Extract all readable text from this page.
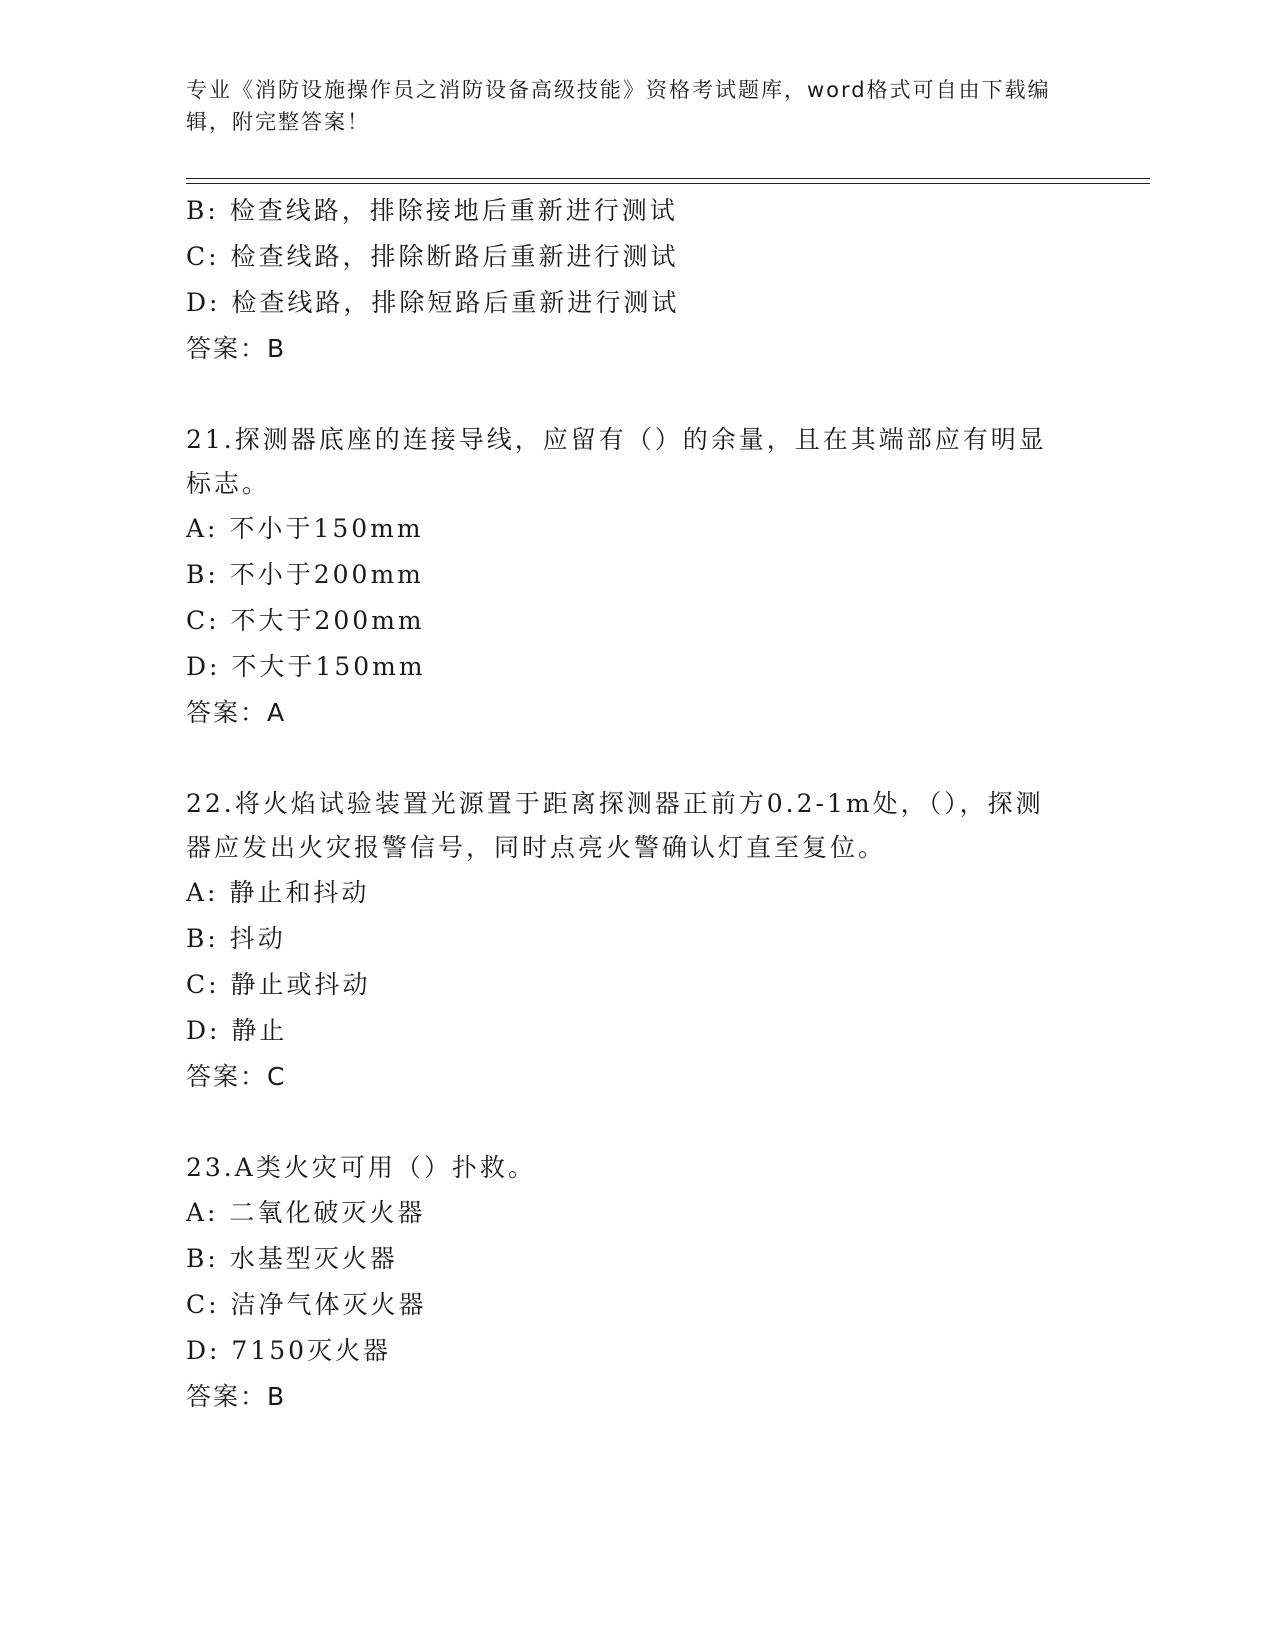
专业《消防设施操作员之消防设备高级技能》资格考试题库，word格式可自由下载编辑，附完整答案！
B: 检查线路，排除接地后重新进行测试
C: 检查线路，排除断路后重新进行测试
D: 检查线路，排除短路后重新进行测试
答案：B
21.探测器底座的连接导线，应留有（）的余量，且在其端部应有明显标志。
A: 不小于150mm
B: 不小于200mm
C: 不大于200mm
D: 不大于150mm
答案：A
22.将火焰试验装置光源置于距离探测器正前方0.2-1m处，（），探测器应发出火灾报警信号，同时点亮火警确认灯直至复位。
A: 静止和抖动
B: 抖动
C: 静止或抖动
D: 静止
答案：C
23.A类火灾可用（）扑救。
A: 二氧化破灭火器
B: 水基型灭火器
C: 洁净气体灭火器
D: 7150灭火器
答案：B
